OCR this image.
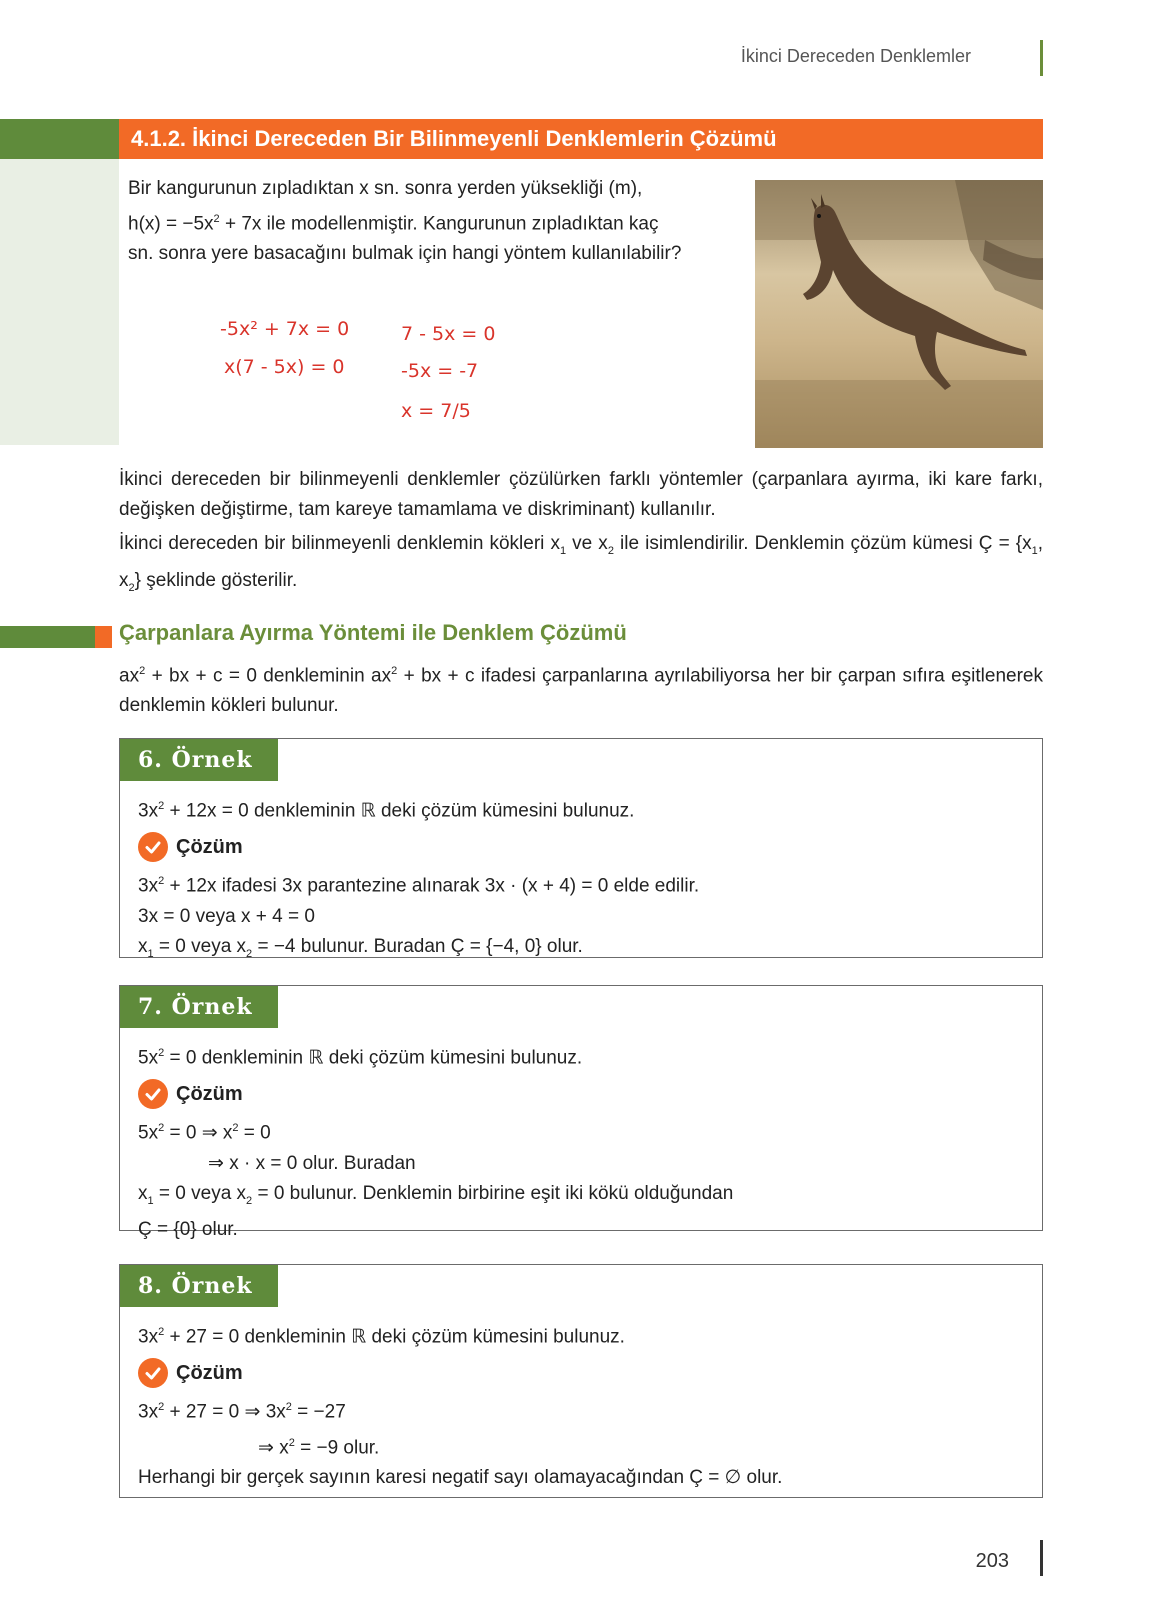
İkinci Dereceden Denklemler
4.1.2. İkinci Dereceden Bir Bilinmeyenli Denklemlerin Çözümü
Bir kangurunun zıpladıktan x sn. sonra yerden yüksekliği (m),
$h(x) = -5x^2 + 7x$ ile modellenmiştir. Kangurunun zıpladıktan kaç
sn. sonra yere basacağını bulmak için hangi yöntem kullanılabilir?
-5x² + 7x = 0
x(7 - 5x) = 0
7 - 5x = 0
-5x = -7
x = 7/5
İkinci dereceden bir bilinmeyenli denklemler çözülürken farklı yöntemler (çarpanlara ayırma, iki kare farkı, değişken değiştirme, tam kareye tamamlama ve diskriminant) kullanılır.
İkinci dereceden bir bilinmeyenli denklemin kökleri $x_1$ ve $x_2$ ile isimlendirilir. Denklemin çözüm kümesi Ç = {$x_1$, $x_2$} şeklinde gösterilir.
Çarpanlara Ayırma Yöntemi ile Denklem Çözümü
$ax^2$ + bx + c = 0 denkleminin $ax^2$ + bx + c ifadesi çarpanlarına ayrılabiliyorsa her bir çarpan sıfıra eşitlenerek denklemin kökleri bulunur.
6. Örnek
$3x^2 + 12x = 0$ denkleminin ℝ deki çözüm kümesini bulunuz.
Çözüm
$3x^2 + 12x$ ifadesi 3x parantezine alınarak 3x · (x + 4) = 0 elde edilir.
3x = 0 veya x + 4 = 0
$x_1 = 0$ veya $x_2 = -4$ bulunur. Buradan Ç = {−4, 0} olur.
7. Örnek
$5x^2 = 0$ denkleminin ℝ deki çözüm kümesini bulunuz.
Çözüm
$5x^2 = 0$ ⇒ $x^2 = 0$
⇒ x · x = 0 olur. Buradan
$x_1 = 0$ veya $x_2 = 0$ bulunur. Denklemin birbirine eşit iki kökü olduğundan
Ç = {0} olur.
8. Örnek
$3x^2 + 27 = 0$ denkleminin ℝ deki çözüm kümesini bulunuz.
Çözüm
$3x^2 + 27 = 0$ ⇒ $3x^2 = -27$
⇒ $x^2 = -9$ olur.
Herhangi bir gerçek sayının karesi negatif sayı olamayacağından Ç = ∅ olur.
203
